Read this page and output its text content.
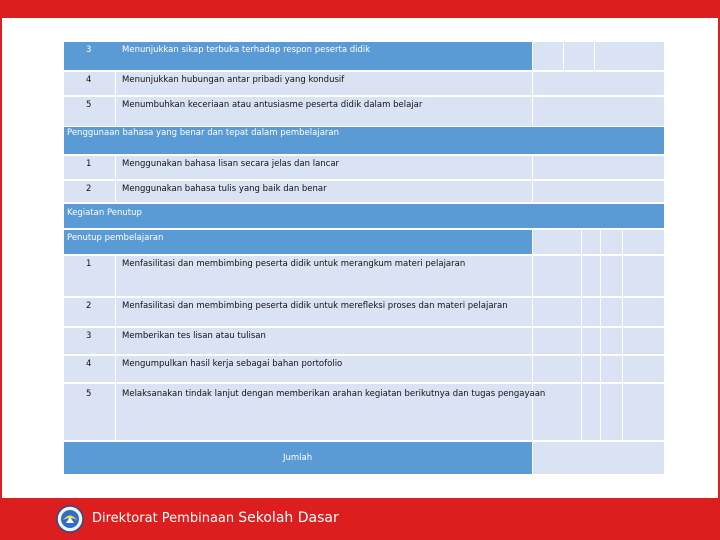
3	Menunjukkan sikap terbuka terhadap respon peserta didik
4	Menunjukkan hubungan antar pribadi yang kondusif
5	Menumbuhkan keceriaan atau antusiasme peserta didik dalam belajar
Penggunaan bahasa yang benar dan tepat dalam pembelajaran
1	Menggunakan bahasa lisan secara jelas dan lancar
2	Menggunakan bahasa tulis yang baik dan benar
Kegiatan Penutup
Penutup pembelajaran
1	Menfasilitasi dan membimbing peserta didik untuk merangkum materi pelajaran
2	Menfasilitasi dan membimbing peserta didik untuk merefleksi proses dan materi pelajaran
3	Memberikan tes lisan atau tulisan
4	Mengumpulkan hasil kerja sebagai bahan portofolio
5	Melaksanakan tindak lanjut dengan memberikan arahan kegiatan berikutnya dan tugas pengayaan
Jumlah
Direktorat Pembinaan Sekolah Dasar
